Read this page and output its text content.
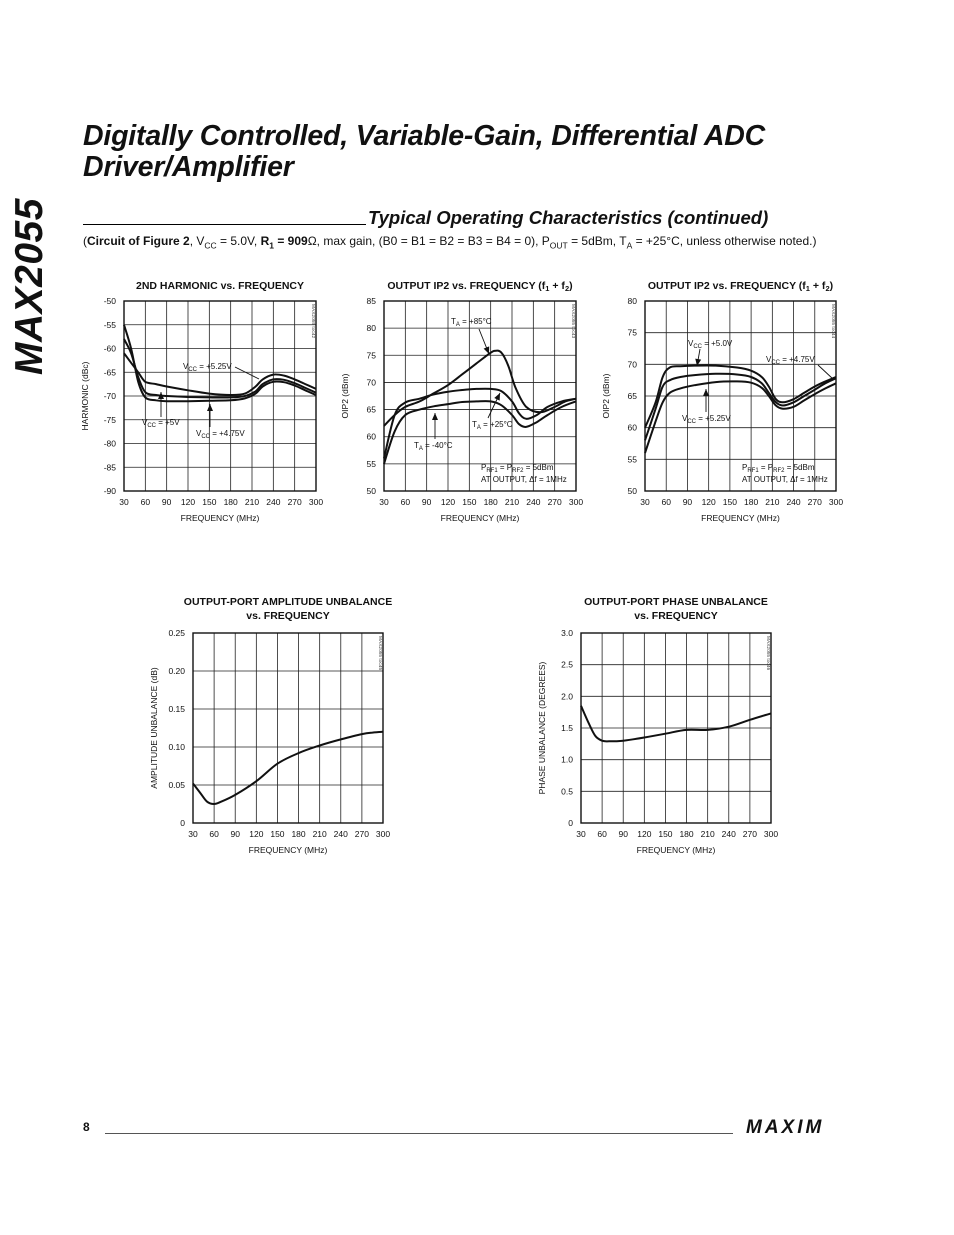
MAX2055
Digitally Controlled, Variable-Gain, Differential ADC Driver/Amplifier
Typical Operating Characteristics (continued)
(Circuit of Figure 2, $V_{CC} = 5.0V$, $R_1 = 909\Omega$, max gain, (B0 = B1 = B2 = B3 = B4 = 0), $P_{OUT} = 5dBm$, $T_A = +25^\circ C$, unless otherwise noted.)
2ND HARMONIC vs. FREQUENCY
30 60 90 120 150 180 210 240 270 300
-90
-85
-80
-75
-70
-65
-60
-55
-50
FREQUENCY (MHz)
HARMONIC (dBc)
MAX2055 toc42
$V_{CC} = +5.25V$
$V_{CC} = +5V$
$V_{CC} = +4.75V$
OUTPUT IP2 vs. FREQUENCY (f1 + f2)
30 60 90 120 150 180 210 240 270 300
50
55
60
65
70
75
80
85
FREQUENCY (MHz)
OIP2 (dBm)
MAX2055 toc43
$T_A = +85^\circ C$
$T_A = +25^\circ C$
$T_A = -40^\circ C$
$P_{RF1} = P_{RF2} = 5dBm$
AT OUTPUT, Δf = 1MHz
OUTPUT IP2 vs. FREQUENCY (f1 + f2)
30 60 90 120 150 180 210 240 270 300
50
55
60
65
70
75
80
FREQUENCY (MHz)
OIP2 (dBm)
MAX2055 toc44
$V_{CC} = +5.0V$
$V_{CC} = +4.75V$
$V_{CC} = +5.25V$
$P_{RF1} = P_{RF2} = 5dBm$
AT OUTPUT, Δf = 1MHz
OUTPUT-PORT AMPLITUDE UNBALANCE vs. FREQUENCY
30 60 90 120 150 180 210 240 270 300
0
0.05
0.10
0.15
0.20
0.25
FREQUENCY (MHz)
AMPLITUDE UNBALANCE (dB)
MAX2055 toc45
OUTPUT-PORT PHASE UNBALANCE vs. FREQUENCY
30 60 90 120 150 180 210 240 270 300
0
0.5
1.0
1.5
2.0
2.5
3.0
FREQUENCY (MHz)
PHASE UNBALANCE (DEGREES)
MAX2055 toc46
8	MAXIM
